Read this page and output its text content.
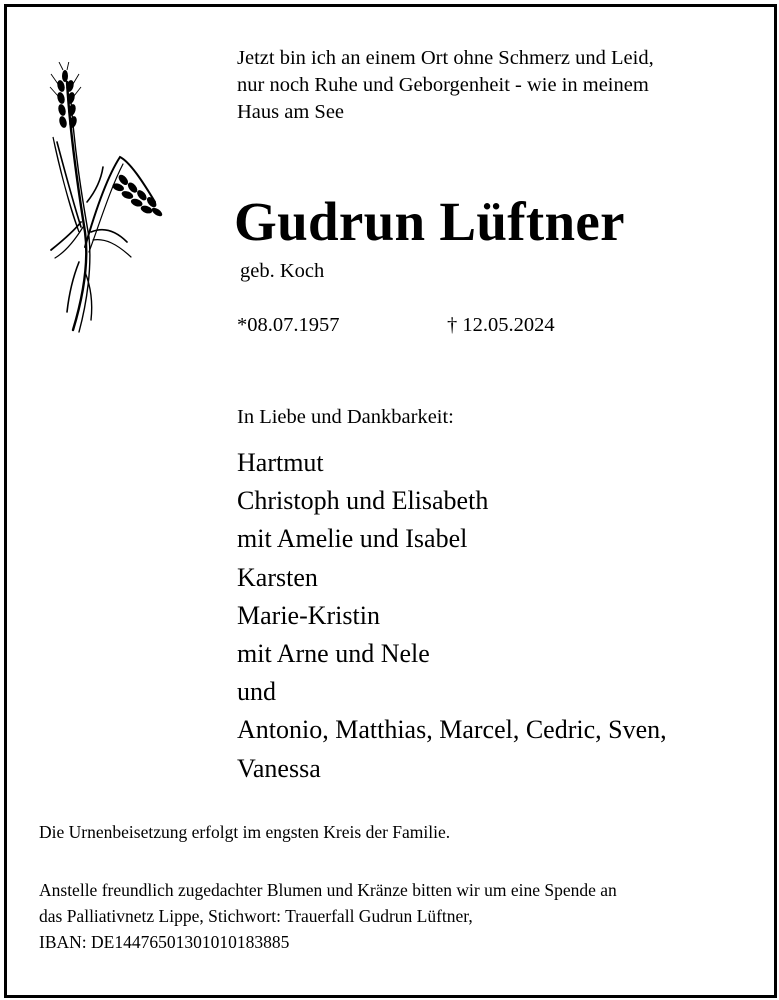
Jetzt bin ich an einem Ort ohne Schmerz und Leid,
nur noch Ruhe und Geborgenheit - wie in meinem
Haus am See
Gudrun Lüftner
geb. Koch
*08.07.1957	† 12.05.2024
In Liebe und Dankbarkeit:
Hartmut
Christoph und Elisabeth
mit Amelie und Isabel
Karsten
Marie-Kristin
mit Arne und Nele
und
Antonio, Matthias, Marcel, Cedric, Sven,
Vanessa
Die Urnenbeisetzung erfolgt im engsten Kreis der Familie.
Anstelle freundlich zugedachter Blumen und Kränze bitten wir um eine Spende an
das Palliativnetz Lippe, Stichwort: Trauerfall Gudrun Lüftner,
IBAN: DE14476501301010183885
